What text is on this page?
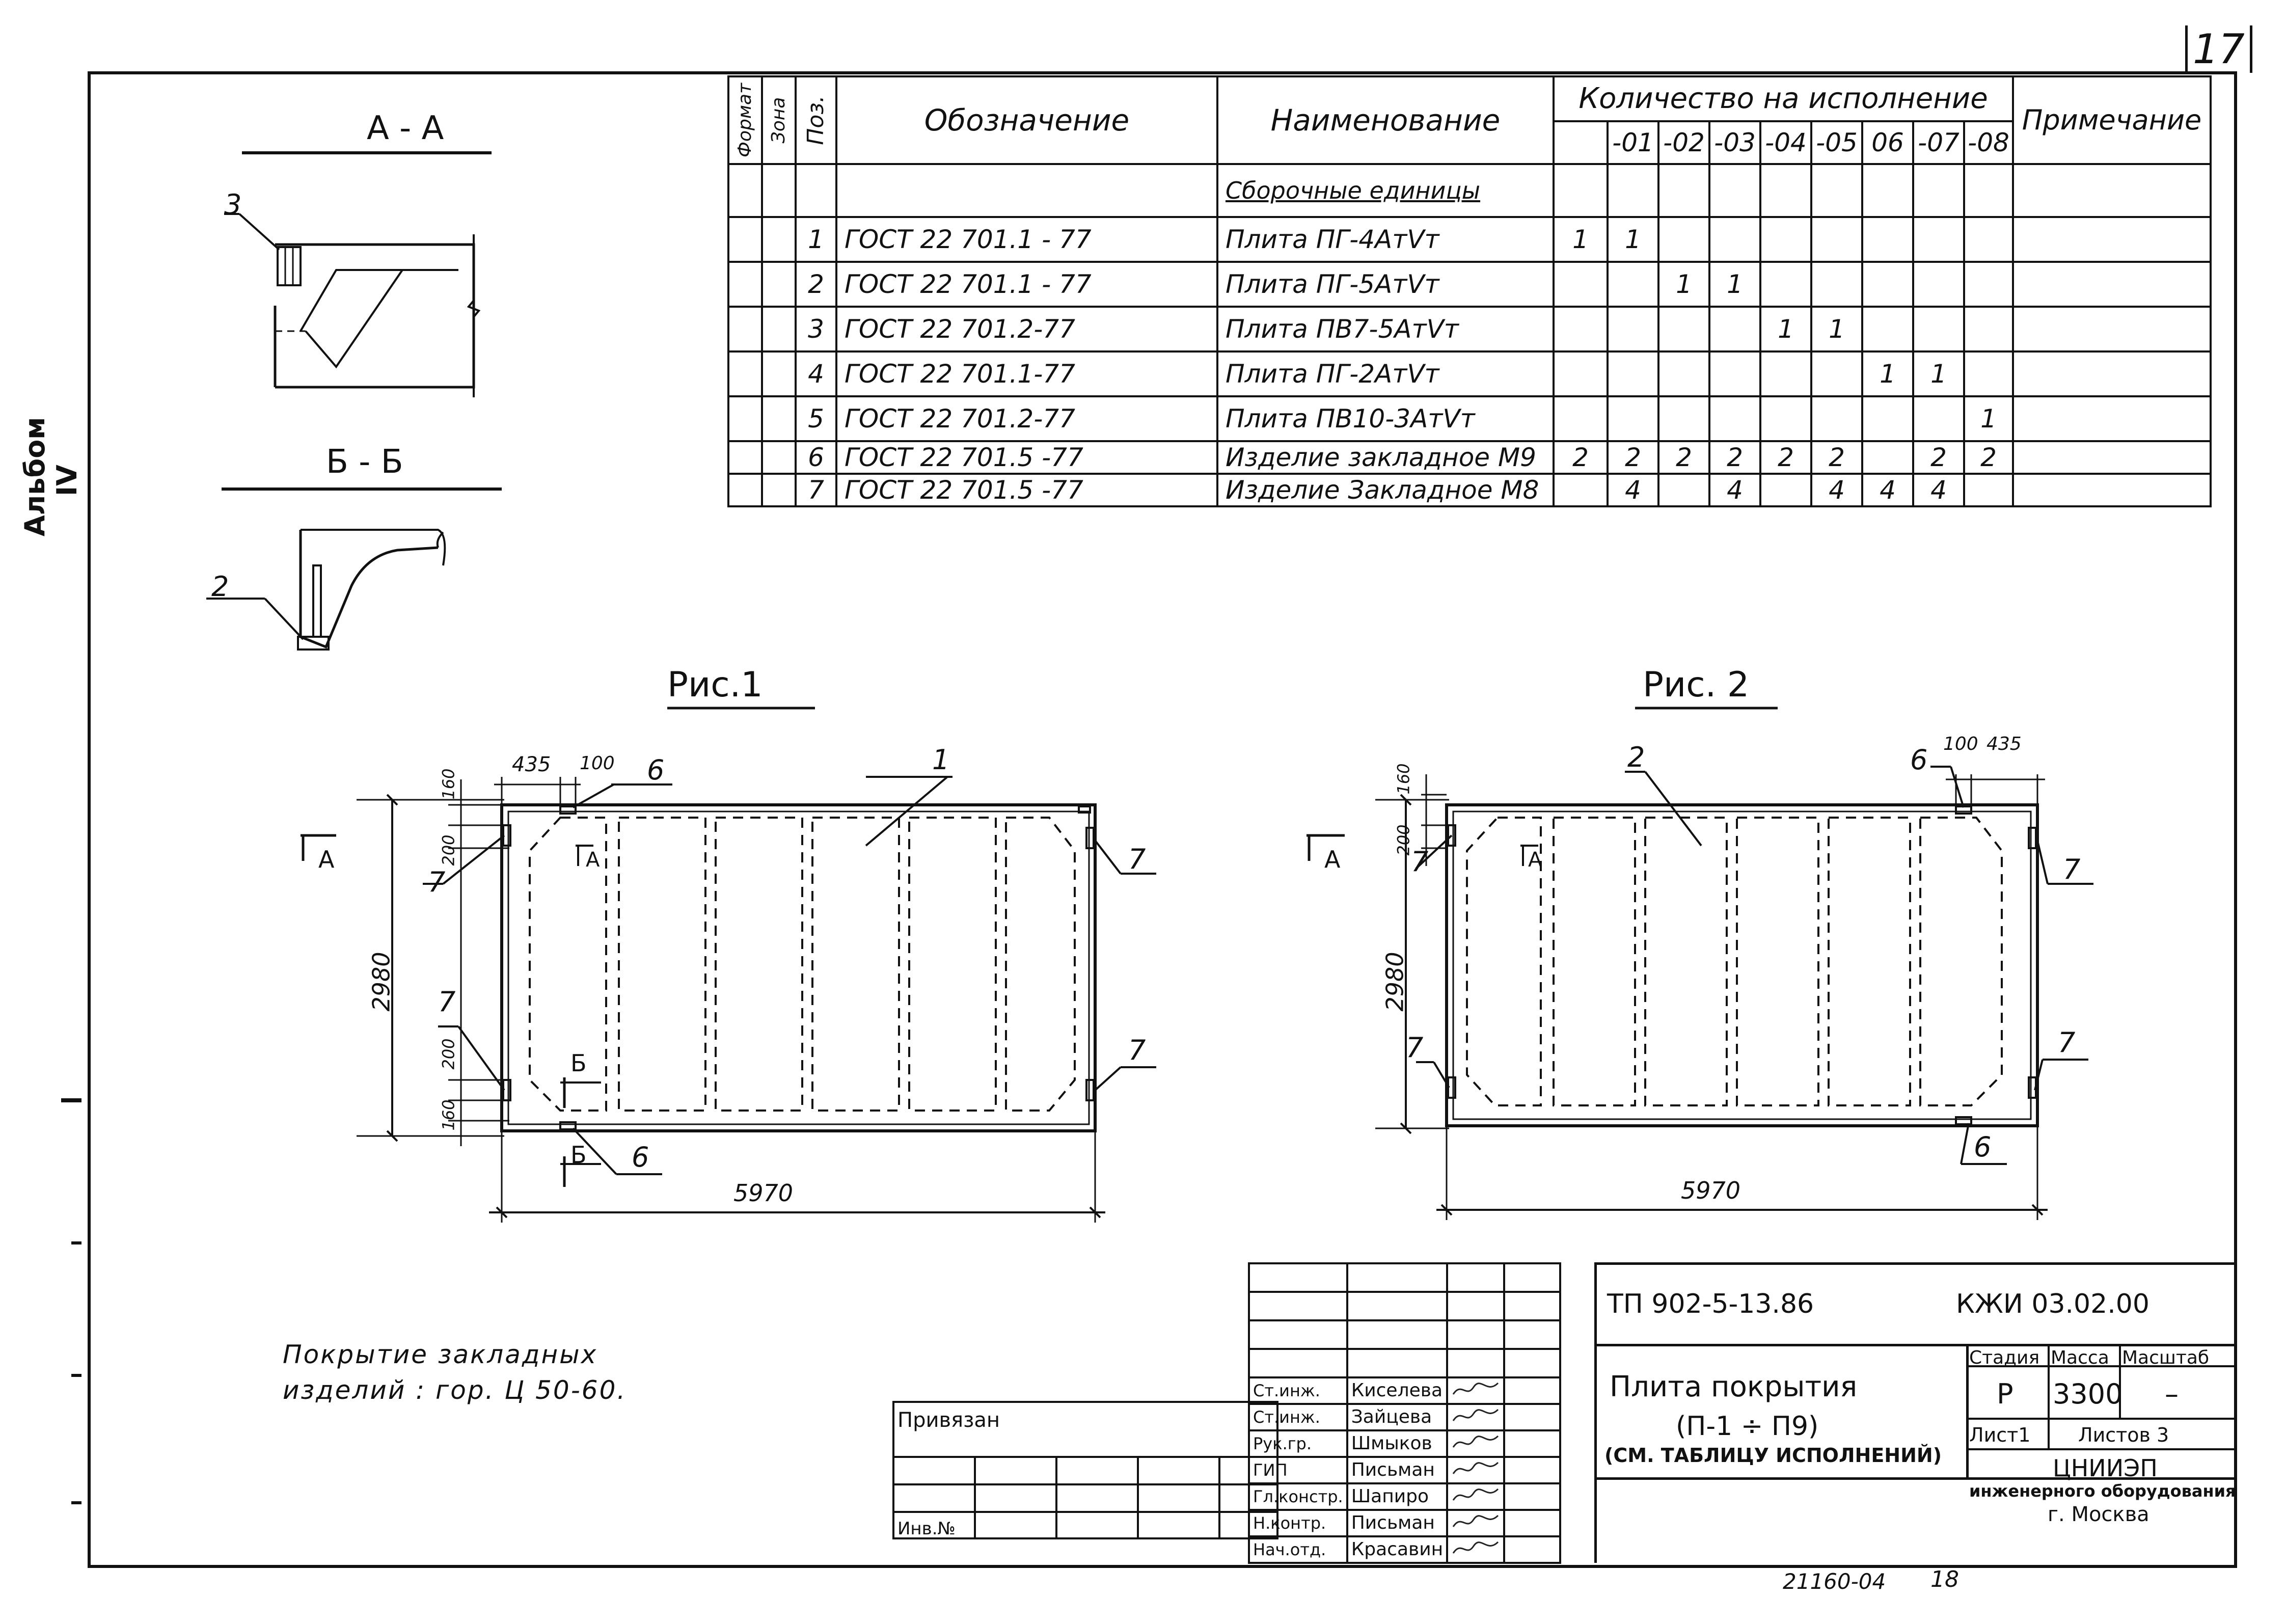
17
Альбом IV
Формат	Зона	Поз.	Обозначение	Наименование	Количество на исполнение									Примечание
						-01	-02	-03	-04	-05	06	-07	-08	
				Сборочные единицы										
		1	ГОСТ 22 701.1 - 77	Плита ПГ-4АтVт	1	1								
		2	ГОСТ 22 701.1 - 77	Плита ПГ-5АтVт			1	1						
		3	ГОСТ 22 701.2-77	Плита ПВ7-5АтVт					1	1				
		4	ГОСТ 22 701.1-77	Плита ПГ-2АтVт							1	1		
		5	ГОСТ 22 701.2-77	Плита ПВ10-3АтVт									1	
		6	ГОСТ 22 701.5 -77	Изделие закладное М9	2	2	2	2	2	2		2	2	
		7	ГОСТ 22 701.5 -77	Изделие Закладное М8		4		4		4	4	4		
А - А
Б - Б
3
2
Рис.1
5970
2980
435 100
160
200
200
160
1
6
6
7
7
7
7
А	А
Б
Б
Рис. 2
5970
2980
100 435
160
200
2	6
6
7
7
7
7
А	А
Покрытие закладных
изделий : гор. Ц 50-60.

				Ст.инж.	Киселева		
Ст.инж.	Зайцева		
Рук.гр.	Шмыков		
ГИП	Письман		
Гл.констр.	Шапиро		
Н.контр.	Письман		
Нач.отд.	Красавин		
Привязан				

Инв.№				
ТП 902-5-13.86	КЖИ 03.02.00
Плита покрытия
(П-1 ÷ П9)
(СМ. ТАБЛИЦУ ИСПОЛНЕНИЙ)
Стадия Масса Масштаб
Р 3300 –
Лист1 Листов 3
ЦНИИЭП
инженерного оборудования
г. Москва
21160-04 18
